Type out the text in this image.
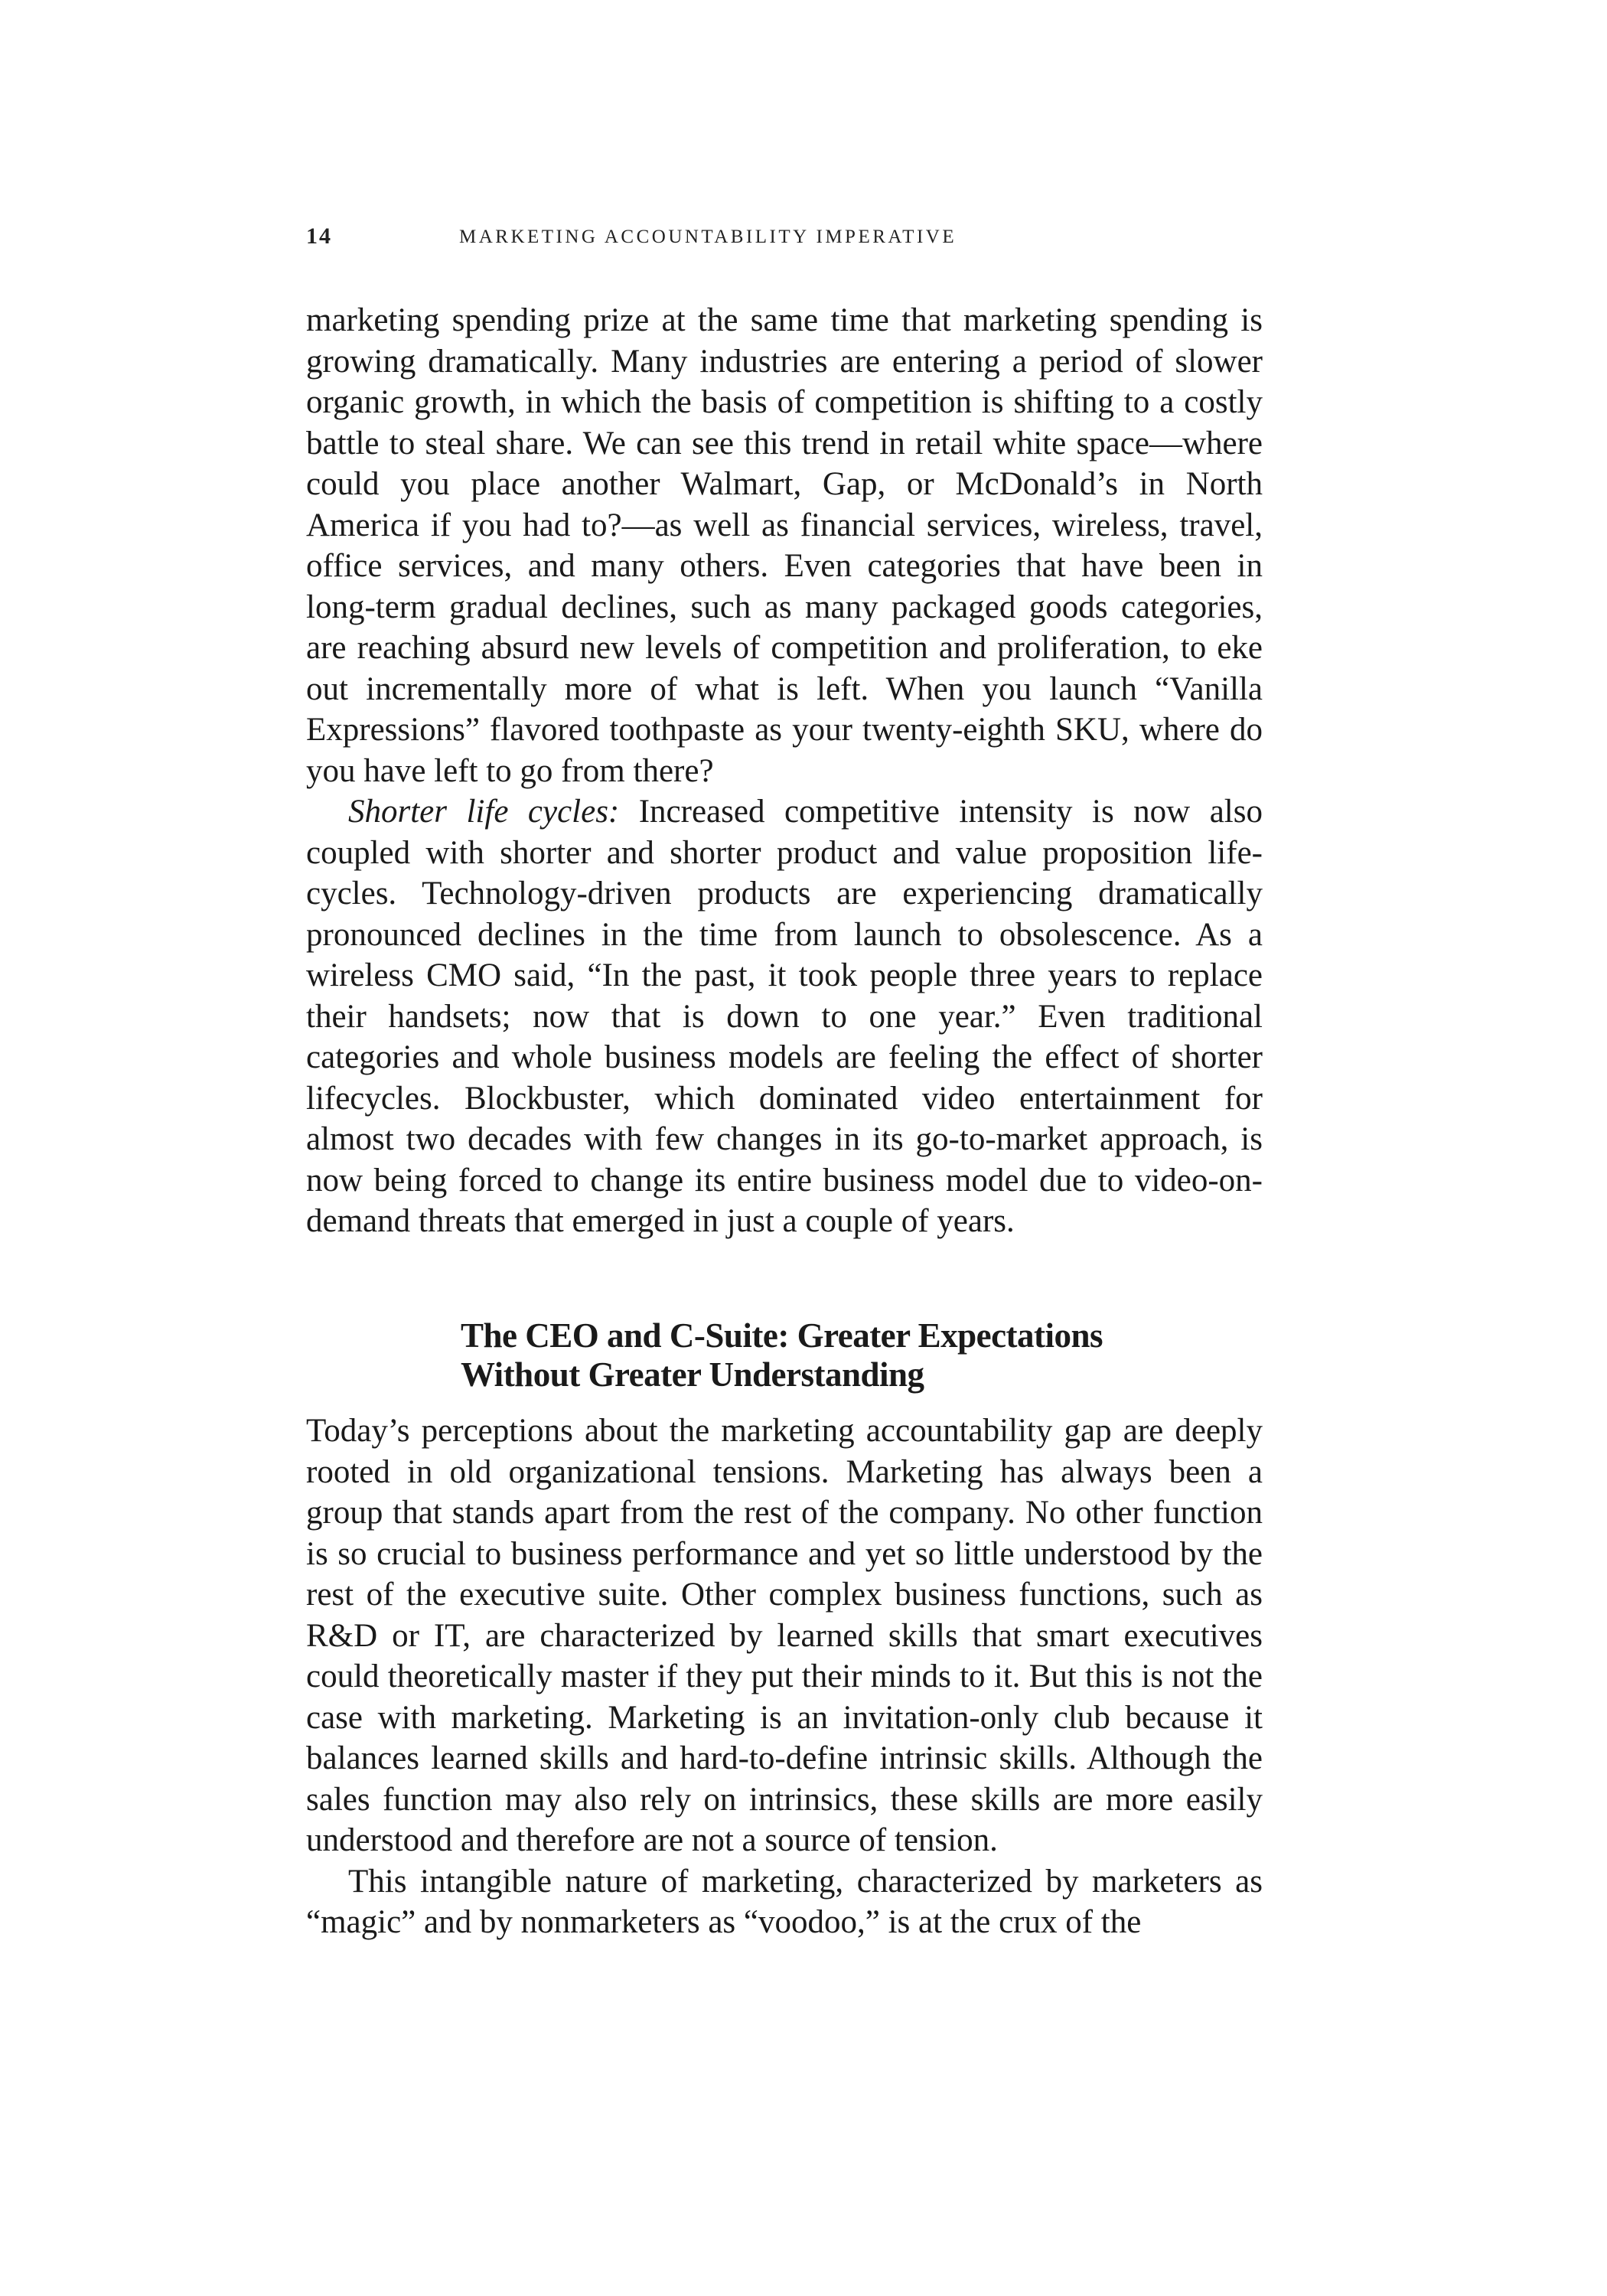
14	MARKETING ACCOUNTABILITY IMPERATIVE

marketing spending prize at the same time that marketing spending is growing dramatically. Many industries are entering a period of slower organic growth, in which the basis of competition is shifting to a costly battle to steal share. We can see this trend in retail white space—where could you place another Walmart, Gap, or McDonald’s in North America if you had to?—as well as financial services, wireless, travel, office services, and many others. Even categories that have been in long-term gradual declines, such as many packaged goods categories, are reaching absurd new levels of competition and proliferation, to eke out incrementally more of what is left. When you launch “Vanilla Expressions” flavored toothpaste as your twenty-eighth SKU, where do you have left to go from there?

Shorter life cycles: Increased competitive intensity is now also coupled with shorter and shorter product and value proposition lifecycles. Technology-driven products are experiencing dramatically pronounced declines in the time from launch to obsolescence. As a wireless CMO said, “In the past, it took people three years to replace their handsets; now that is down to one year.” Even traditional categories and whole business models are feeling the effect of shorter lifecycles. Blockbuster, which dominated video entertainment for almost two decades with few changes in its go-to-market approach, is now being forced to change its entire business model due to video-on-demand threats that emerged in just a couple of years.

The CEO and C-Suite: Greater Expectations
Without Greater Understanding

Today’s perceptions about the marketing accountability gap are deeply rooted in old organizational tensions. Marketing has always been a group that stands apart from the rest of the company. No other function is so crucial to business performance and yet so little understood by the rest of the executive suite. Other complex business functions, such as R&D or IT, are characterized by learned skills that smart executives could theoretically master if they put their minds to it. But this is not the case with marketing. Marketing is an invitation-only club because it balances learned skills and hard-to-define intrinsic skills. Although the sales function may also rely on intrinsics, these skills are more easily understood and therefore are not a source of tension.

This intangible nature of marketing, characterized by marketers as “magic” and by nonmarketers as “voodoo,” is at the crux of the
